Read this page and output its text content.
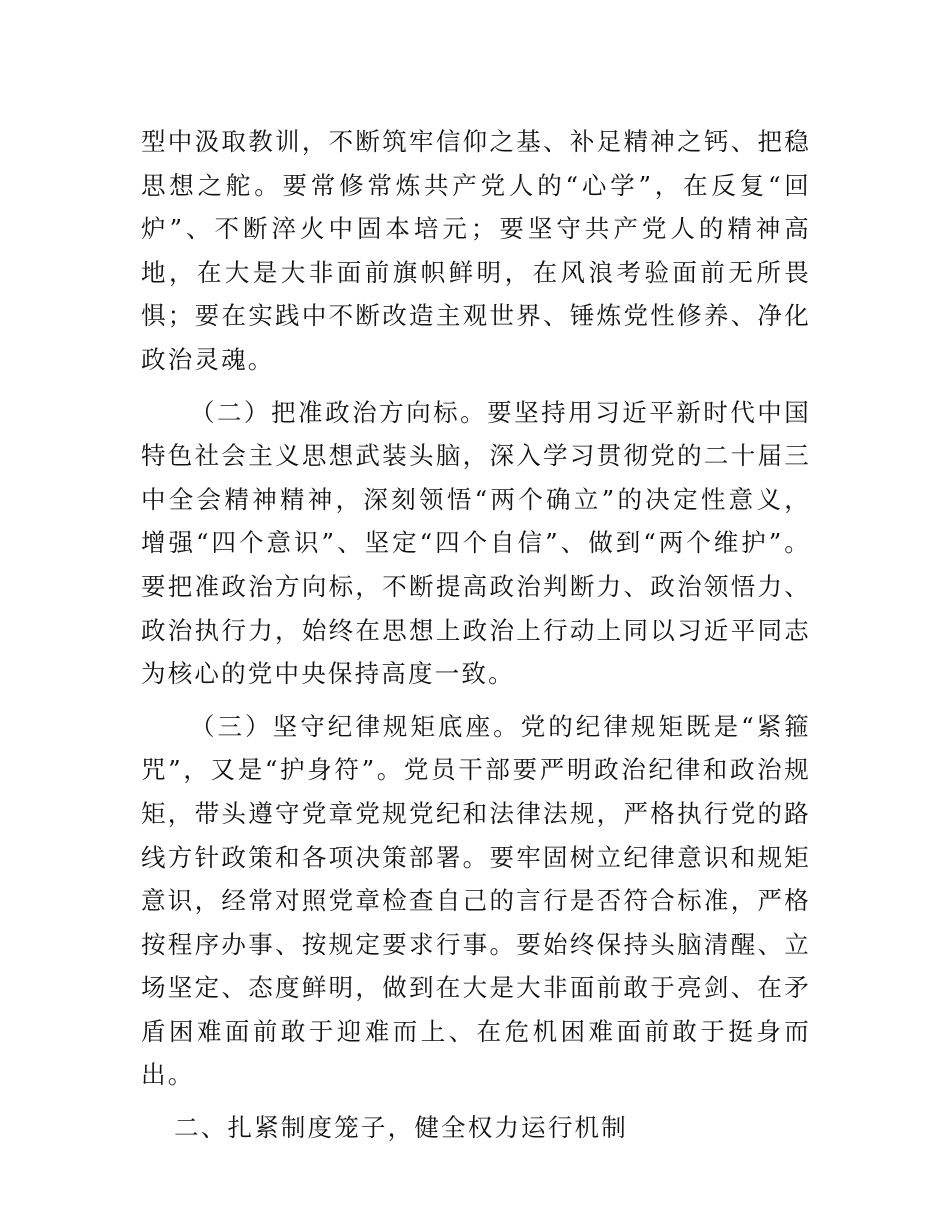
型中汲取教训，不断筑牢信仰之基、补足精神之钙、把稳思想之舵。要常修常炼共产党人的“心学”，在反复“回炉”、不断淬火中固本培元；要坚守共产党人的精神高地，在大是大非面前旗帜鲜明，在风浪考验面前无所畏惧；要在实践中不断改造主观世界、锤炼党性修养、净化政治灵魂。

（二）把准政治方向标。要坚持用习近平新时代中国特色社会主义思想武装头脑，深入学习贯彻党的二十届三中全会精神精神，深刻领悟“两个确立”的决定性意义，增强“四个意识”、坚定“四个自信”、做到“两个维护”。要把准政治方向标，不断提高政治判断力、政治领悟力、政治执行力，始终在思想上政治上行动上同以习近平同志为核心的党中央保持高度一致。

（三）坚守纪律规矩底座。党的纪律规矩既是“紧箍咒”，又是“护身符”。党员干部要严明政治纪律和政治规矩，带头遵守党章党规党纪和法律法规，严格执行党的路线方针政策和各项决策部署。要牢固树立纪律意识和规矩意识，经常对照党章检查自己的言行是否符合标准，严格按程序办事、按规定要求行事。要始终保持头脑清醒、立场坚定、态度鲜明，做到在大是大非面前敢于亮剑、在矛盾困难面前敢于迎难而上、在危机困难面前敢于挺身而出。

二、扎紧制度笼子，健全权力运行机制
